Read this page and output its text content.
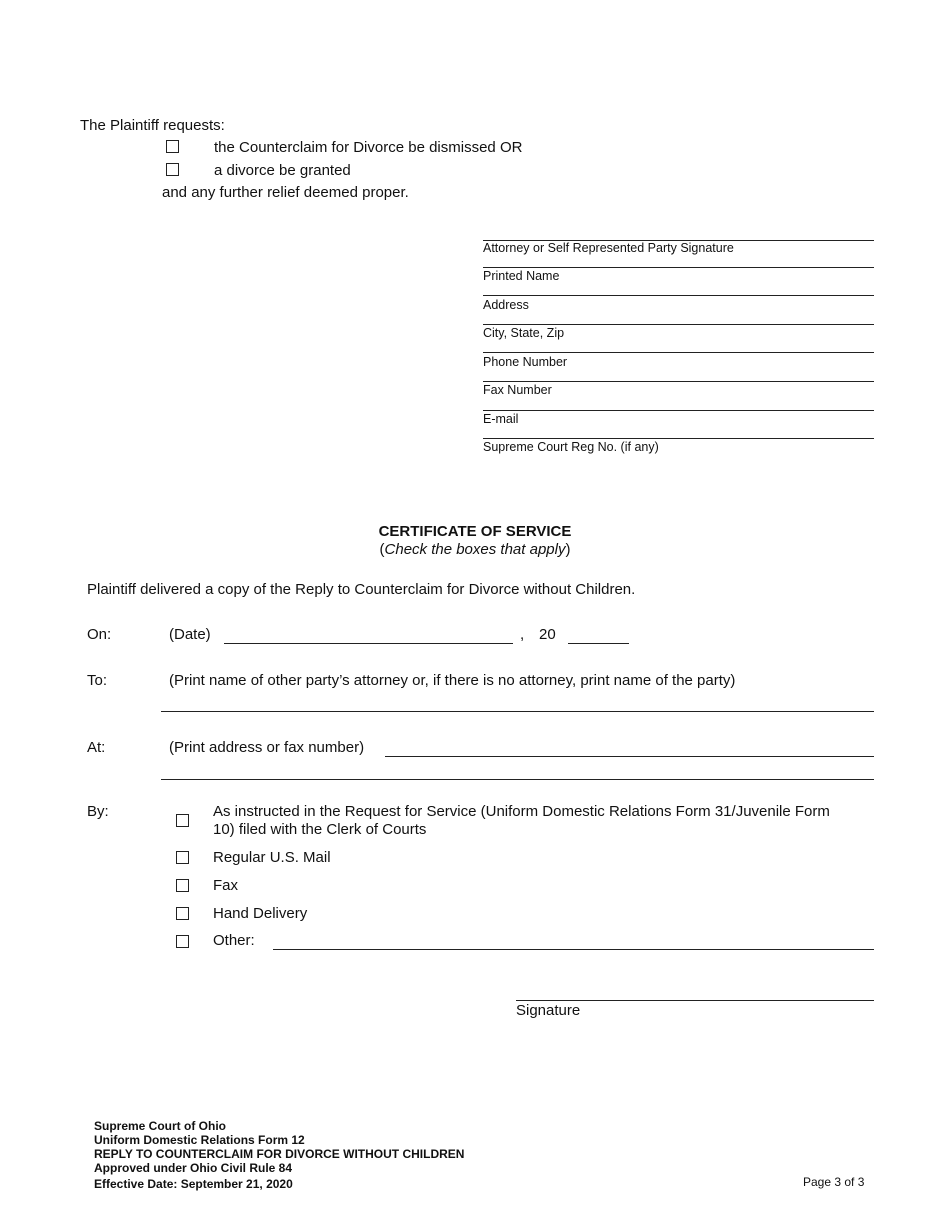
The Plaintiff requests:
the Counterclaim for Divorce be dismissed OR
a divorce be granted
and any further relief deemed proper.
Attorney or Self Represented Party Signature
Printed Name
Address
City, State, Zip
Phone Number
Fax Number
E-mail
Supreme Court Reg No. (if any)
CERTIFICATE OF SERVICE
(Check the boxes that apply)
Plaintiff delivered a copy of the Reply to Counterclaim for Divorce without Children.
On:	(Date)	, 20
To:	(Print name of other party’s attorney or, if there is no attorney, print name of the party)
At:	(Print address or fax number)
By:	As instructed in the Request for Service (Uniform Domestic Relations Form 31/Juvenile Form
10) filed with the Clerk of Courts
Regular U.S. Mail
Fax
Hand Delivery
Other:
Signature
Supreme Court of Ohio
Uniform Domestic Relations Form 12
REPLY TO COUNTERCLAIM FOR DIVORCE WITHOUT CHILDREN
Approved under Ohio Civil Rule 84
Effective Date: September 21, 2020	Page 3 of 3
